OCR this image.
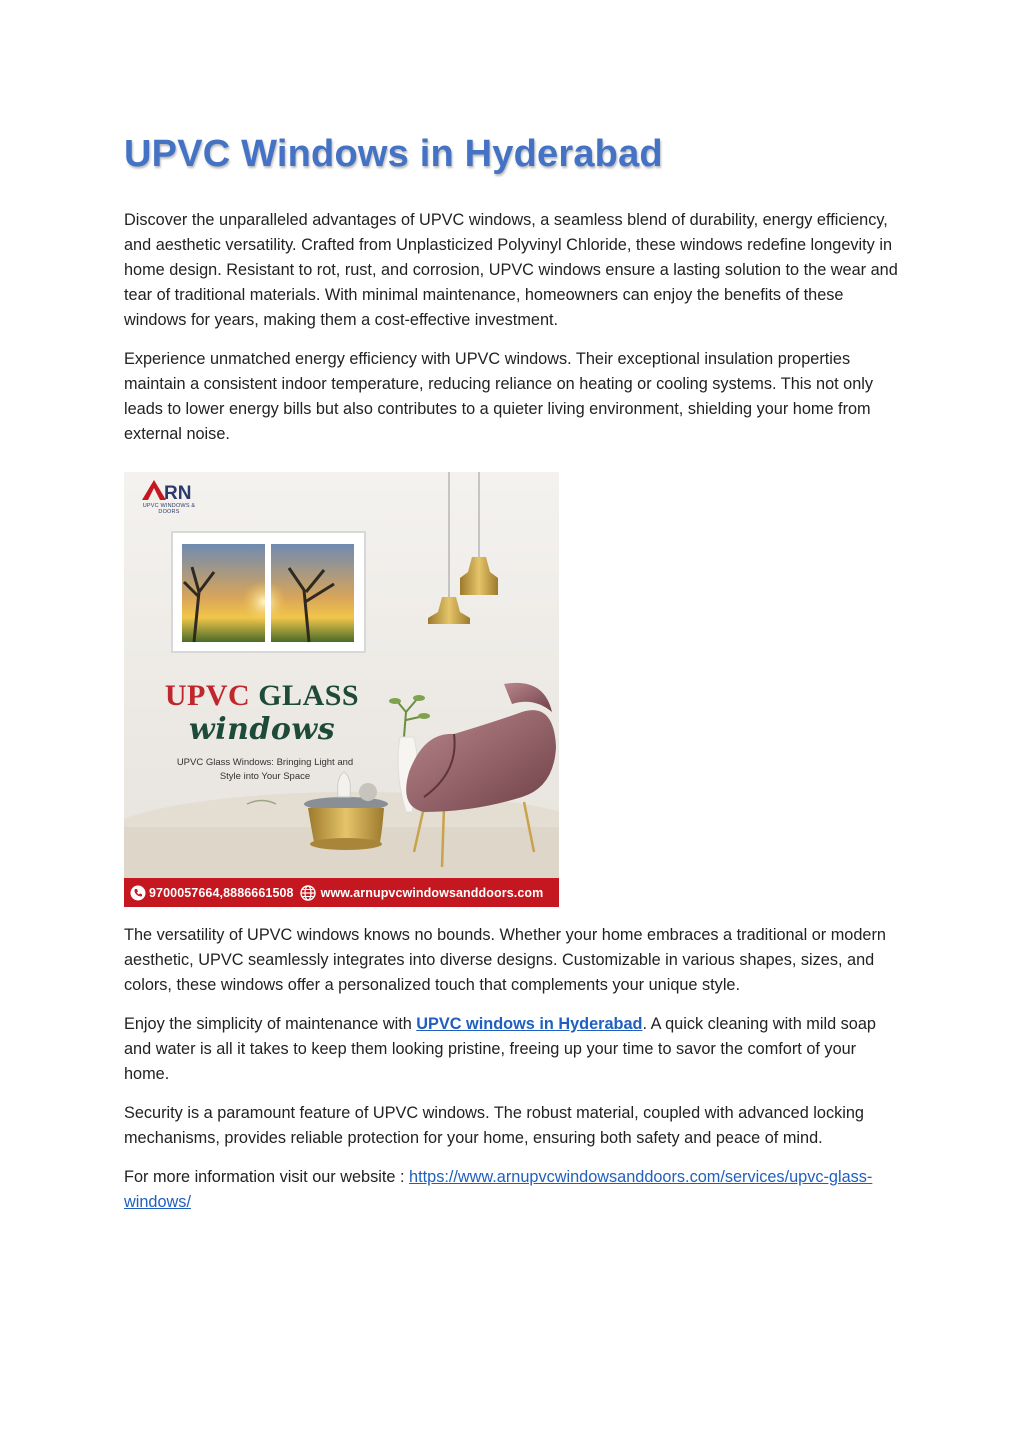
UPVC Windows in Hyderabad

Discover the unparalleled advantages of UPVC windows, a seamless blend of durability, energy efficiency, and aesthetic versatility. Crafted from Unplasticized Polyvinyl Chloride, these windows redefine longevity in home design. Resistant to rot, rust, and corrosion, UPVC windows ensure a lasting solution to the wear and tear of traditional materials. With minimal maintenance, homeowners can enjoy the benefits of these windows for years, making them a cost-effective investment.

Experience unmatched energy efficiency with UPVC windows. Their exceptional insulation properties maintain a consistent indoor temperature, reducing reliance on heating or cooling systems. This not only leads to lower energy bills but also contributes to a quieter living environment, shielding your home from external noise.

RN
UPVC WINDOWS & DOORS
UPVC GLASS
windows
UPVC Glass Windows: Bringing Light and Style into Your Space
9700057664,8886661508 www.arnupvcwindowsanddoors.com

The versatility of UPVC windows knows no bounds. Whether your home embraces a traditional or modern aesthetic, UPVC seamlessly integrates into diverse designs. Customizable in various shapes, sizes, and colors, these windows offer a personalized touch that complements your unique style.

Enjoy the simplicity of maintenance with UPVC windows in Hyderabad. A quick cleaning with mild soap and water is all it takes to keep them looking pristine, freeing up your time to savor the comfort of your home.

Security is a paramount feature of UPVC windows. The robust material, coupled with advanced locking mechanisms, provides reliable protection for your home, ensuring both safety and peace of mind.

For more information visit our website : https://www.arnupvcwindowsanddoors.com/services/upvc-glass-windows/
